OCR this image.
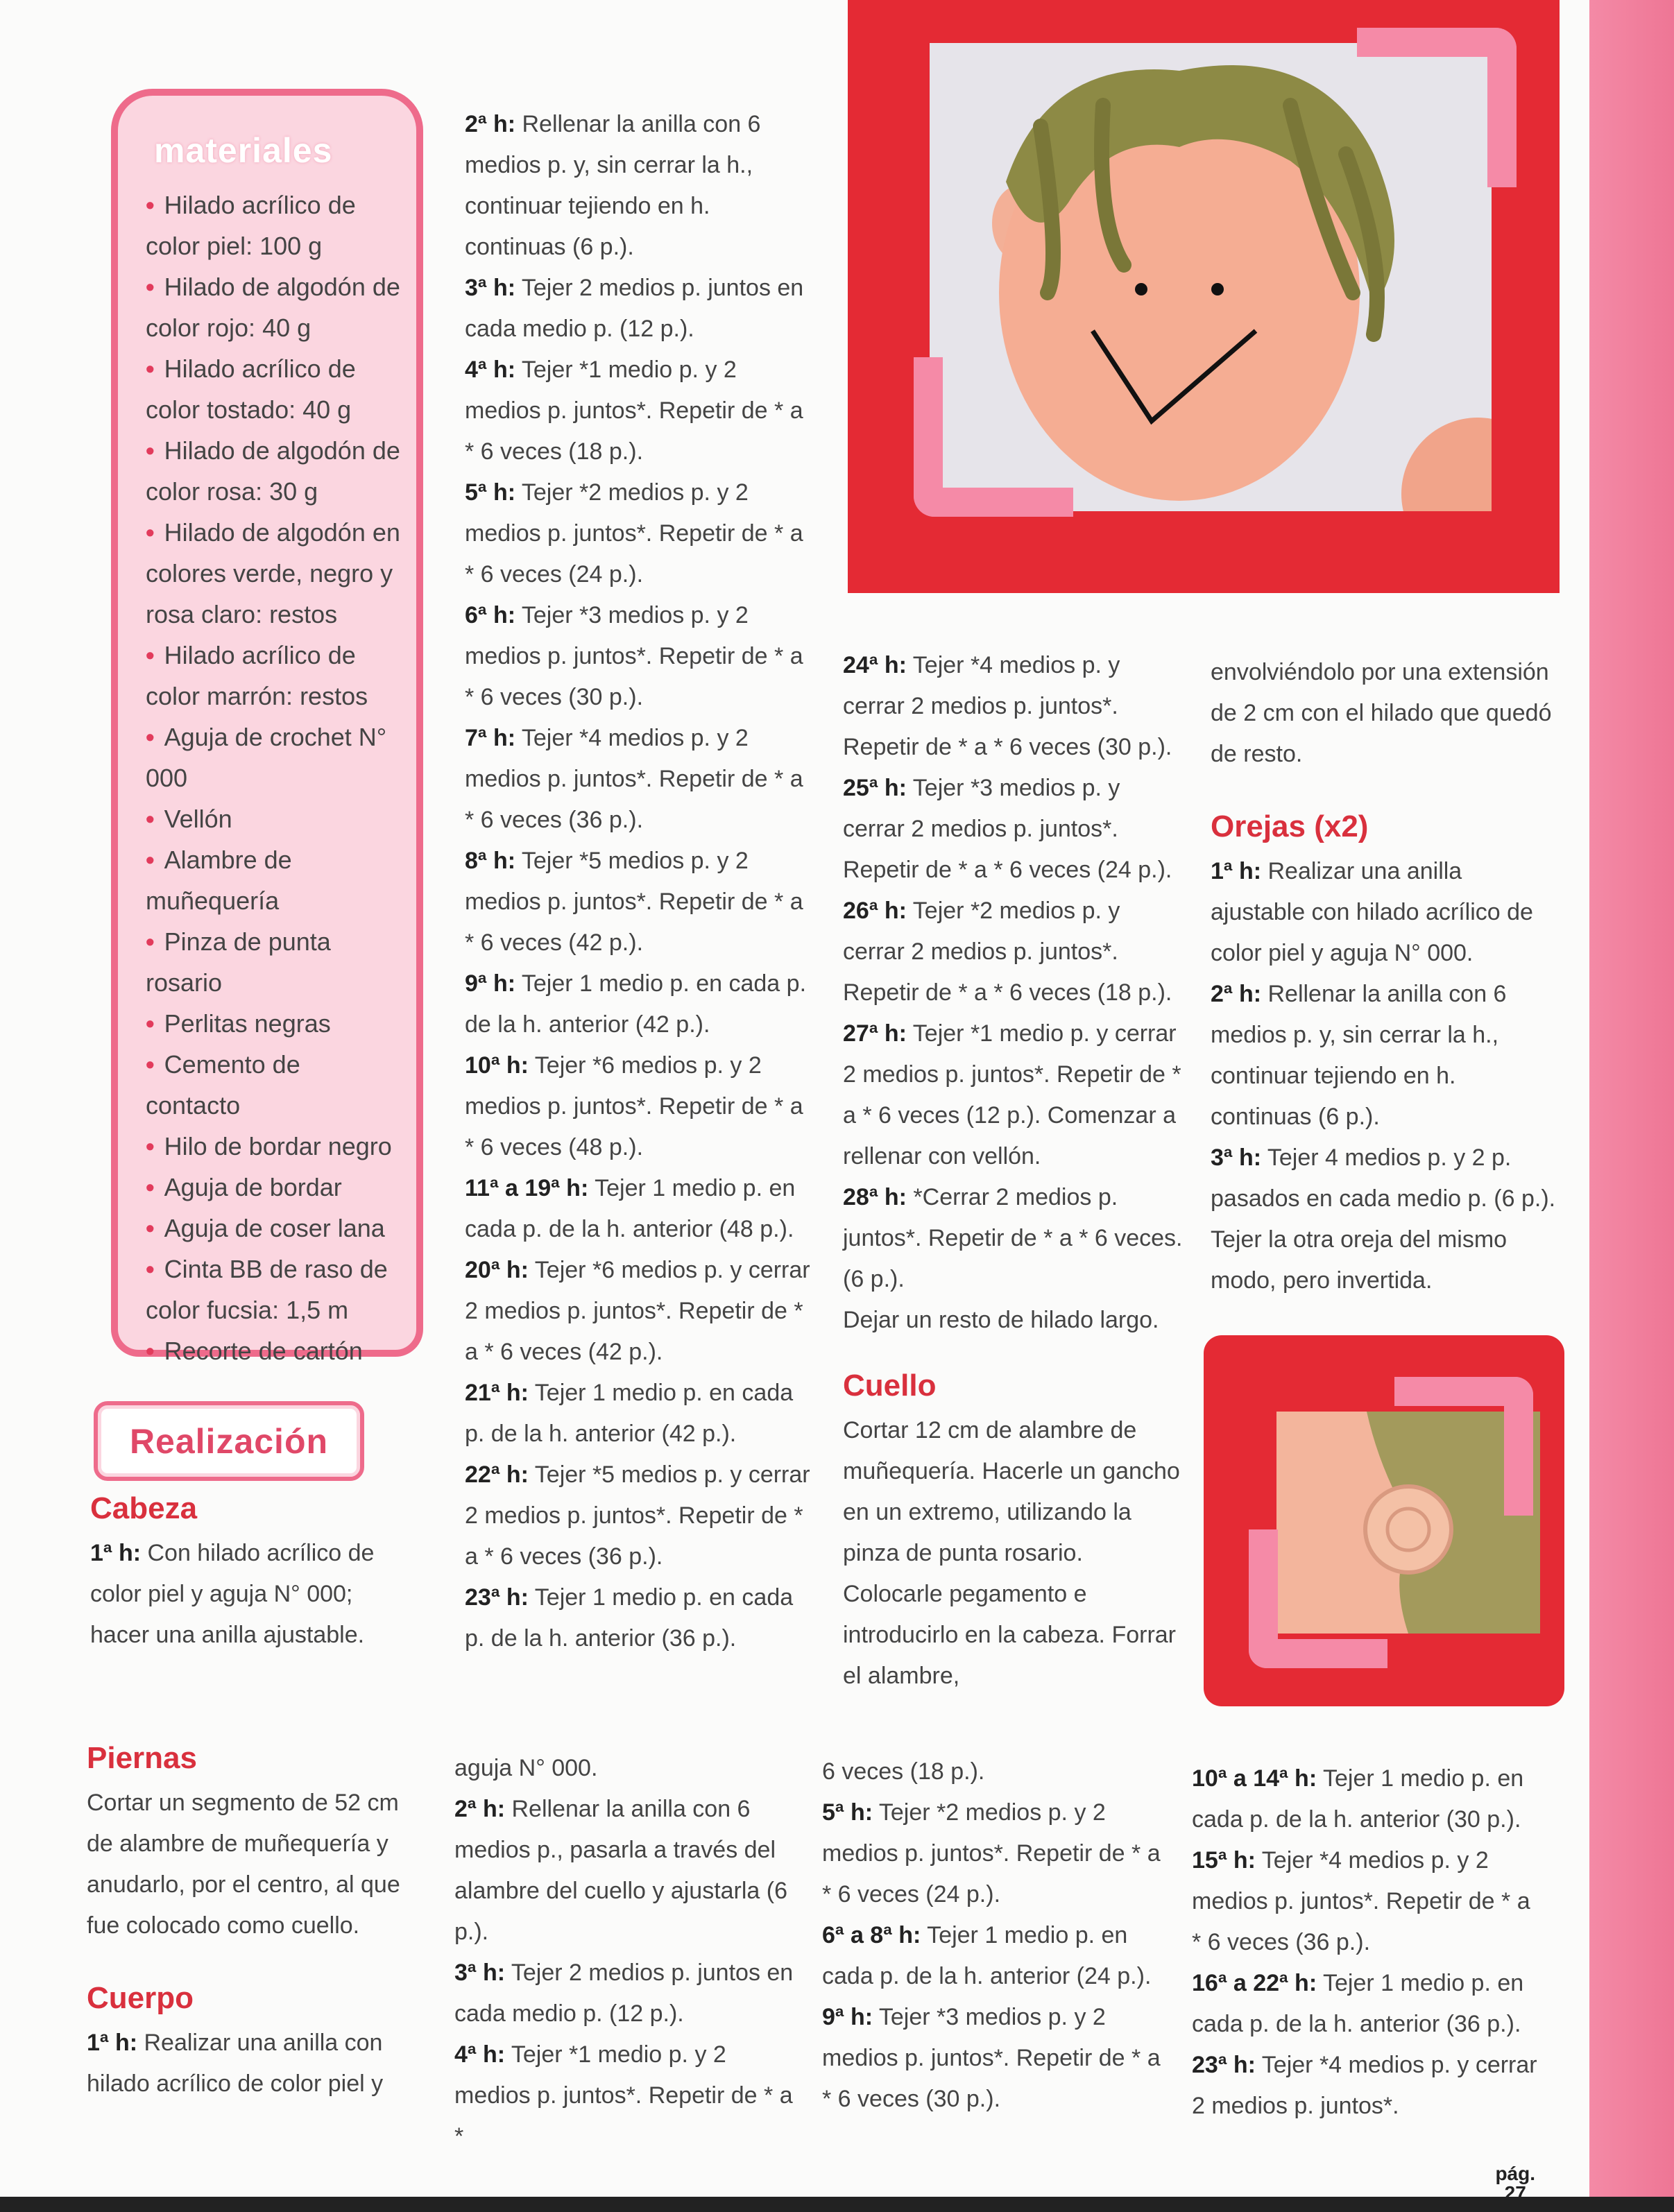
materiales
• Hilado acrílico de color piel: 100 g
• Hilado de algodón de color rojo: 40 g
• Hilado acrílico de color tostado: 40 g
• Hilado de algodón de color rosa: 30 g
• Hilado de algodón en colores verde, negro y rosa claro: restos
• Hilado acrílico de color marrón: restos
• Aguja de crochet N° 000
• Vellón
• Alambre de muñequería
• Pinza de punta rosario
• Perlitas negras
• Cemento de contacto
• Hilo de bordar negro
• Aguja de bordar
• Aguja de coser lana
• Cinta BB de raso de color fucsia: 1,5 m
• Recorte de cartón
Realización

Cabeza

1ª h: Con hilado acrílico de color piel y aguja N° 000; hacer una anilla ajustable.

2ª h: Rellenar la anilla con 6 medios p. y, sin cerrar la h., continuar tejiendo en h. continuas (6 p.).

3ª h: Tejer 2 medios p. juntos en cada medio p. (12 p.).

4ª h: Tejer *1 medio p. y 2 medios p. juntos*. Repetir de * a * 6 veces (18 p.).

5ª h: Tejer *2 medios p. y 2 medios p. juntos*. Repetir de * a * 6 veces (24 p.).

6ª h: Tejer *3 medios p. y 2 medios p. juntos*. Repetir de * a * 6 veces (30 p.).

7ª h: Tejer *4 medios p. y 2 medios p. juntos*. Repetir de * a * 6 veces (36 p.).

8ª h: Tejer *5 medios p. y 2 medios p. juntos*. Repetir de * a * 6 veces (42 p.).

9ª h: Tejer 1 medio p. en cada p. de la h. anterior (42 p.).

10ª h: Tejer *6 medios p. y 2 medios p. juntos*. Repetir de * a * 6 veces (48 p.).

11ª a 19ª h: Tejer 1 medio p. en cada p. de la h. anterior (48 p.).

20ª h: Tejer *6 medios p. y cerrar 2 medios p. juntos*. Repetir de * a * 6 veces (42 p.).

21ª h: Tejer 1 medio p. en cada p. de la h. anterior (42 p.).

22ª h: Tejer *5 medios p. y cerrar 2 medios p. juntos*. Repetir de * a * 6 veces (36 p.).

23ª h: Tejer 1 medio p. en cada p. de la h. anterior (36 p.).

24ª h: Tejer *4 medios p. y cerrar 2 medios p. juntos*. Repetir de * a * 6 veces (30 p.).

25ª h: Tejer *3 medios p. y cerrar 2 medios p. juntos*. Repetir de * a * 6 veces (24 p.).

26ª h: Tejer *2 medios p. y cerrar 2 medios p. juntos*. Repetir de * a * 6 veces (18 p.).

27ª h: Tejer *1 medio p. y cerrar 2 medios p. juntos*. Repetir de * a * 6 veces (12 p.). Comenzar a rellenar con vellón.

28ª h: *Cerrar 2 medios p. juntos*. Repetir de * a * 6 veces. (6 p.).

Dejar un resto de hilado largo.

Cuello

Cortar 12 cm de alambre de muñequería. Hacerle un gancho en un extremo, utilizando la pinza de punta rosario. Colocarle pegamento e introducirlo en la cabeza. Forrar el alambre,

envolviéndolo por una extensión de 2 cm con el hilado que quedó de resto.

Orejas (x2)

1ª h: Realizar una anilla ajustable con hilado acrílico de color piel y aguja N° 000.

2ª h: Rellenar la anilla con 6 medios p. y, sin cerrar la h., continuar tejiendo en h. continuas (6 p.).

3ª h: Tejer 4 medios p. y 2 p. pasados en cada medio p. (6 p.).

Tejer la otra oreja del mismo modo, pero invertida.

Piernas

Cortar un segmento de 52 cm de alambre de muñequería y anudarlo, por el centro, al que fue colocado como cuello.

Cuerpo

1ª h: Realizar una anilla con hilado acrílico de color piel y

aguja N° 000.

2ª h: Rellenar la anilla con 6 medios p., pasarla a través del alambre del cuello y ajustarla (6 p.).

3ª h: Tejer 2 medios p. juntos en cada medio p. (12 p.).

4ª h: Tejer *1 medio p. y 2 medios p. juntos*. Repetir de * a *

6 veces (18 p.).

5ª h: Tejer *2 medios p. y 2 medios p. juntos*. Repetir de * a * 6 veces (24 p.).

6ª a 8ª h: Tejer 1 medio p. en cada p. de la h. anterior (24 p.).

9ª h: Tejer *3 medios p. y 2 medios p. juntos*. Repetir de * a * 6 veces (30 p.).

10ª a 14ª h: Tejer 1 medio p. en cada p. de la h. anterior (30 p.).

15ª h: Tejer *4 medios p. y 2 medios p. juntos*. Repetir de * a * 6 veces (36 p.).

16ª a 22ª h: Tejer 1 medio p. en cada p. de la h. anterior (36 p.).

23ª h: Tejer *4 medios p. y cerrar 2 medios p. juntos*.

pág.
27
